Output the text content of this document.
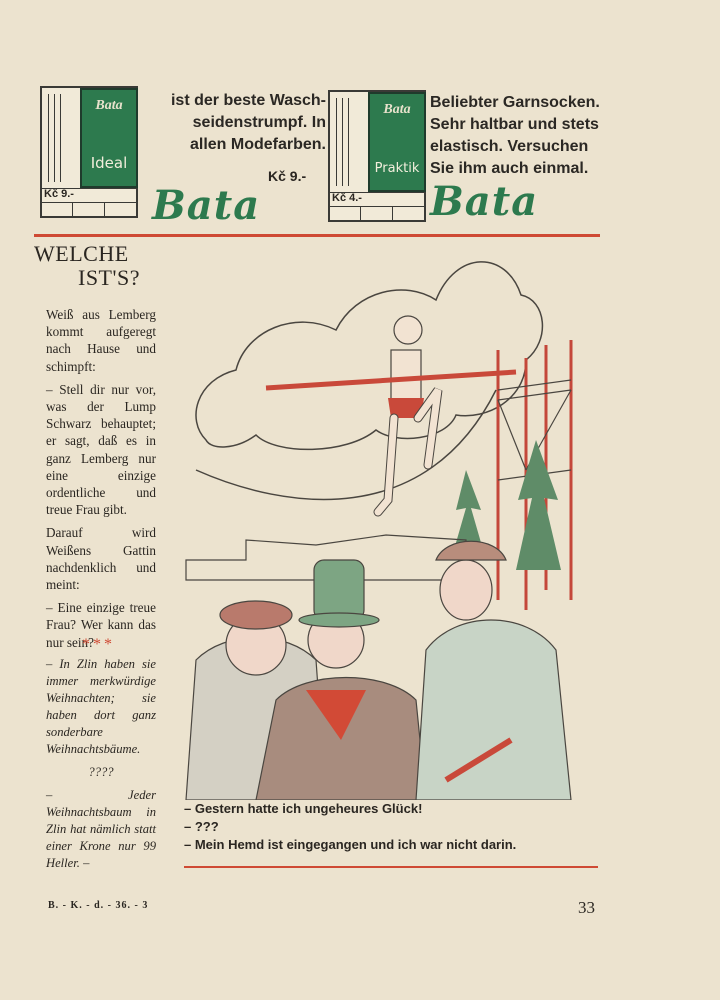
Bata
Ideal
Kč 9.-
ist der beste Wasch-
seidenstrumpf. In
allen Modefarben.
Kč 9.-
Bata
Bata
Praktik
Kč 4.-
Beliebter Garnsocken.
Sehr haltbar und stets
elastisch. Versuchen
Sie ihm auch einmal.
Bata
WELCHE
IST'S?

Weiß aus Lemberg kommt aufgeregt nach Hause und schimpft:

– Stell dir nur vor, was der Lump Schwarz behauptet; er sagt, daß es in ganz Lemberg nur eine einzige ordentliche und treue Frau gibt.

Darauf wird Weißens Gattin nachdenklich und meint:

– Eine einzige treue Frau? Wer kann das nur sein?

***

– In Zlin haben sie immer merkwürdige Weihnachten; sie haben dort ganz sonderbare Weihnachtsbäume.

????

– Jeder Weihnachtsbaum in Zlin hat nämlich statt einer Krone nur 99 Heller. –

– Gestern hatte ich ungeheures Glück!
– ???
– Mein Hemd ist eingegangen und ich war nicht darin.
B. - K. - d. - 36. - 3	33
